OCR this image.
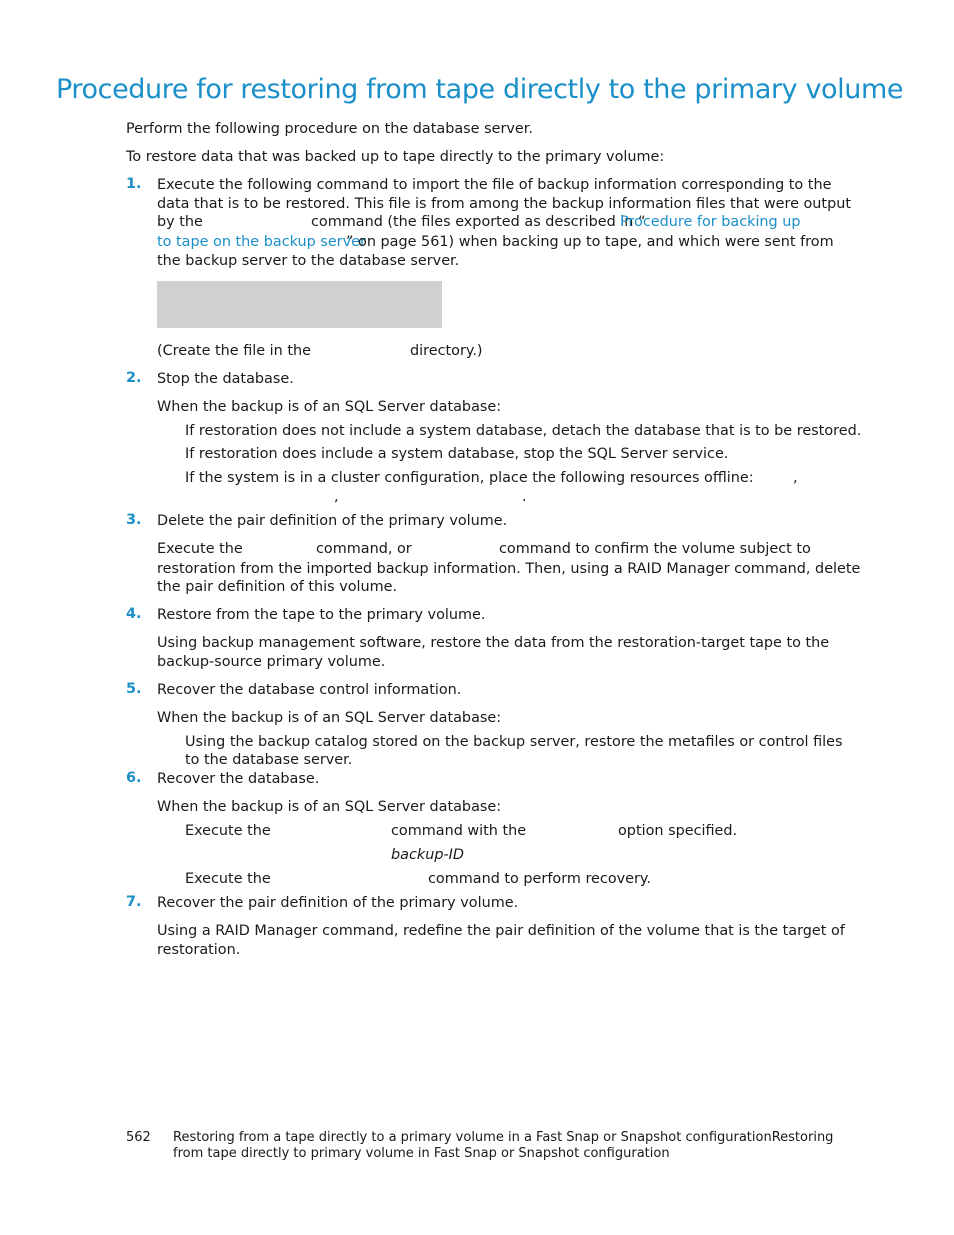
Procedure for restoring from tape directly to the primary volume
Perform the following procedure on the database server.
To restore data that was backed up to tape directly to the primary volume:
1. Execute the following command to import the file of backup information corresponding to the
data that is to be restored. This file is from among the backup information files that were output
by the	command (the files exported as described in “
Procedure for backing up
to tape on the backup server
” on page 561) when backing up to tape, and which were sent from
the backup server to the database server.
(Create the file in the	directory.)
2. Stop the database.
When the backup is of an SQL Server database:
If restoration does not include a system database, detach the database that is to be restored.
If restoration does include a system database, stop the SQL Server service.
If the system is in a cluster configuration, place the following resources offline:	,
,	.
3. Delete the pair definition of the primary volume.
Execute the	command, or	command to confirm the volume subject to
restoration from the imported backup information. Then, using a RAID Manager command, delete
the pair definition of this volume.
4. Restore from the tape to the primary volume.
Using backup management software, restore the data from the restoration-target tape to the
backup-source primary volume.
5. Recover the database control information.
When the backup is of an SQL Server database:
Using the backup catalog stored on the backup server, restore the metafiles or control files
to the database server.
6. Recover the database.
When the backup is of an SQL Server database:
Execute the	command with the	option specified.
backup-ID
Execute the	command to perform recovery.
7. Recover the pair definition of the primary volume.
Using a RAID Manager command, redefine the pair definition of the volume that is the target of
restoration.
562 Restoring from a tape directly to a primary volume in a Fast Snap or Snapshot configurationRestoring
from tape directly to primary volume in Fast Snap or Snapshot configuration
